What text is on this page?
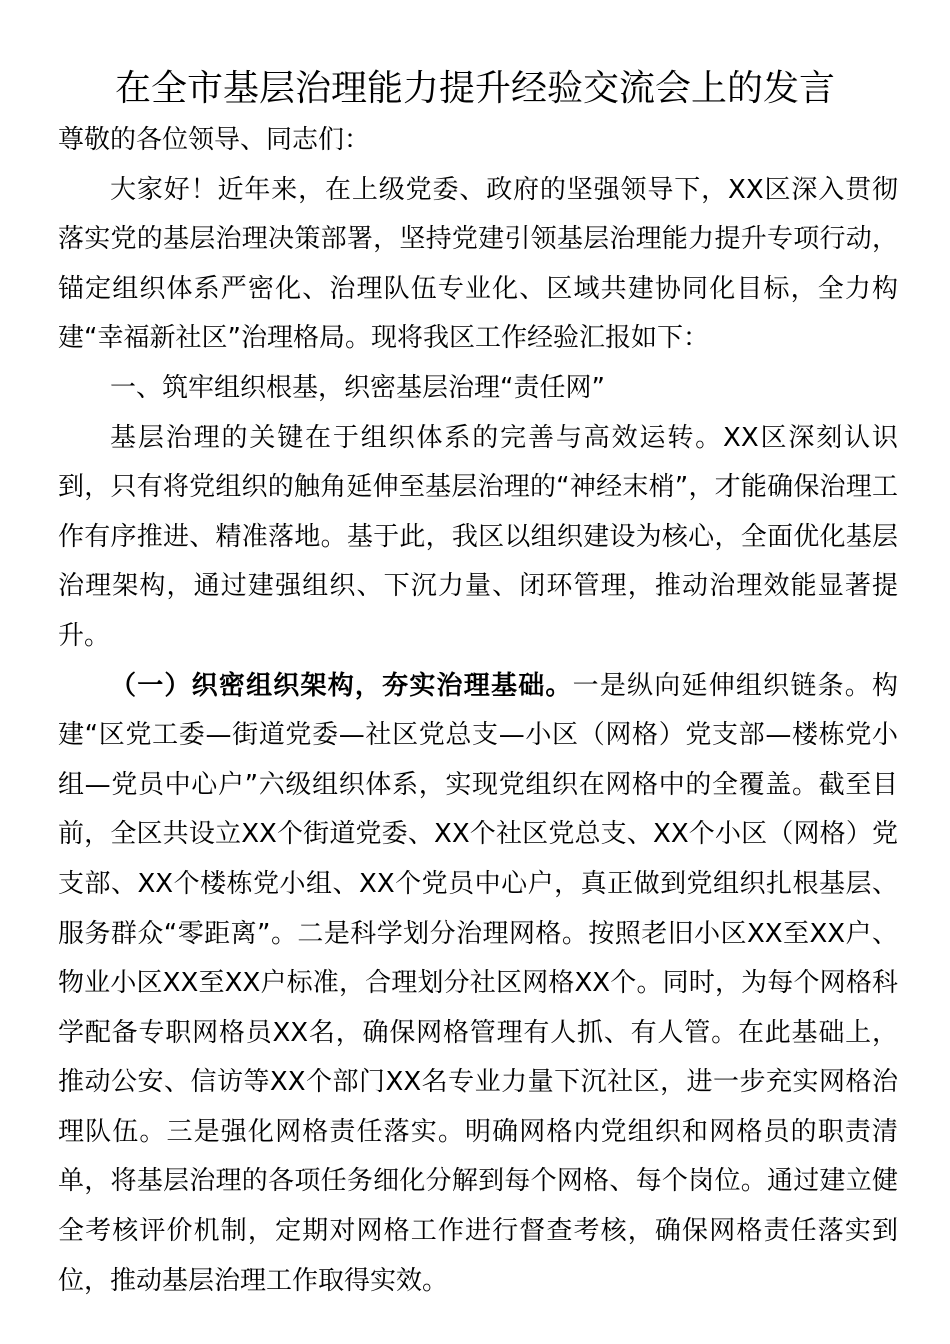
在全市基层治理能力提升经验交流会上的发言

尊敬的各位领导、同志们：

大家好！近年来，在上级党委、政府的坚强领导下，XX区深入贯彻落实党的基层治理决策部署，坚持党建引领基层治理能力提升专项行动，锚定组织体系严密化、治理队伍专业化、区域共建协同化目标，全力构建“幸福新社区”治理格局。现将我区工作经验汇报如下：

一、筑牢组织根基，织密基层治理“责任网”

基层治理的关键在于组织体系的完善与高效运转。XX区深刻认识到，只有将党组织的触角延伸至基层治理的“神经末梢”，才能确保治理工作有序推进、精准落地。基于此，我区以组织建设为核心，全面优化基层治理架构，通过建强组织、下沉力量、闭环管理，推动治理效能显著提升。

（一）织密组织架构，夯实治理基础。一是纵向延伸组织链条。构建“区党工委—街道党委—社区党总支—小区（网格）党支部—楼栋党小组—党员中心户”六级组织体系，实现党组织在网格中的全覆盖。截至目前，全区共设立XX个街道党委、XX个社区党总支、XX个小区（网格）党支部、XX个楼栋党小组、XX个党员中心户，真正做到党组织扎根基层、服务群众“零距离”。二是科学划分治理网格。按照老旧小区XX至XX户、物业小区XX至XX户标准，合理划分社区网格XX个。同时，为每个网格科学配备专职网格员XX名，确保网格管理有人抓、有人管。在此基础上，推动公安、信访等XX个部门XX名专业力量下沉社区，进一步充实网格治理队伍。三是强化网格责任落实。明确网格内党组织和网格员的职责清单，将基层治理的各项任务细化分解到每个网格、每个岗位。通过建立健全考核评价机制，定期对网格工作进行督查考核，确保网格责任落实到位，推动基层治理工作取得实效。
